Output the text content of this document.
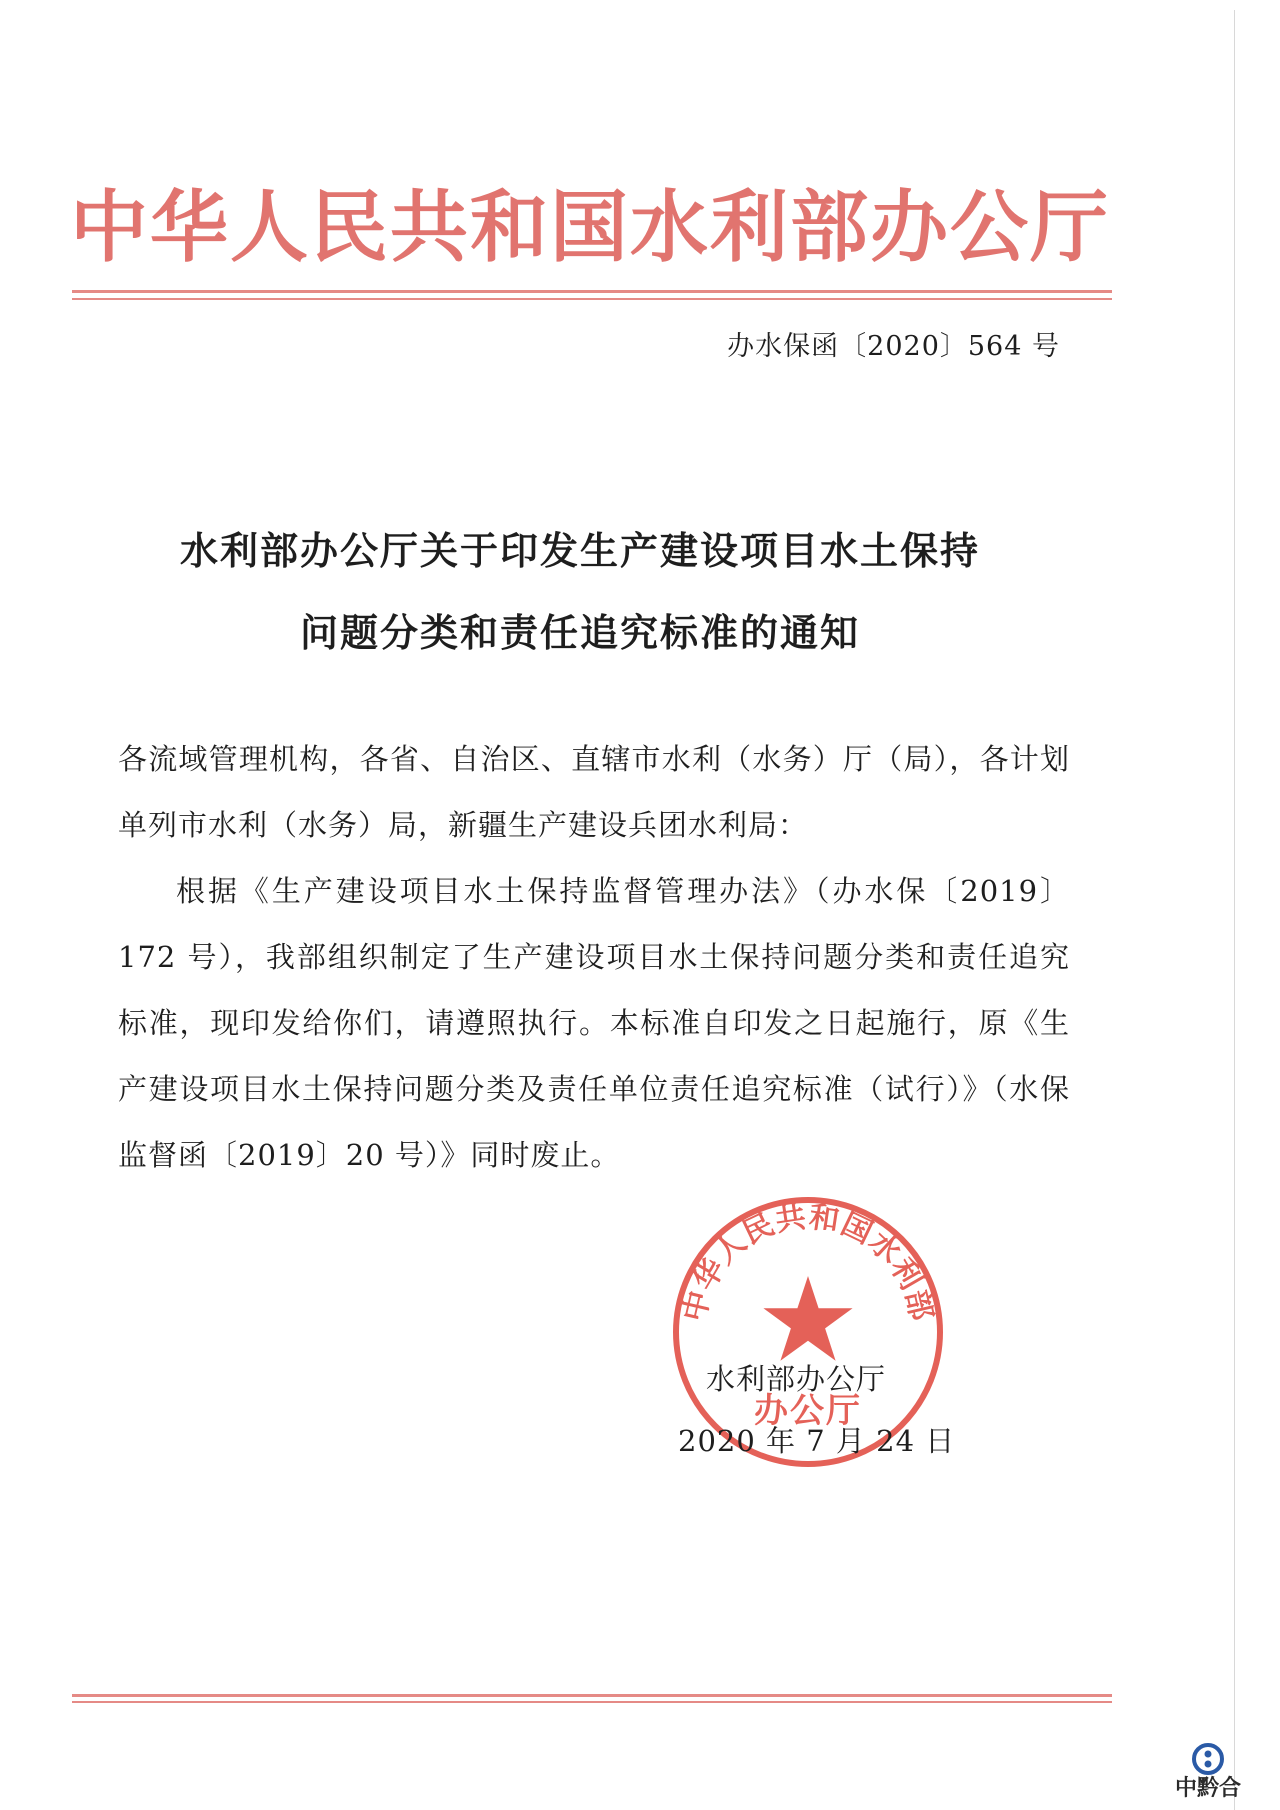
中华人民共和国水利部办公厅
办水保函〔2020〕564 号
水利部办公厅关于印发生产建设项目水土保持
问题分类和责任追究标准的通知

各流域管理机构，各省、自治区、直辖市水利（水务）厅（局），各计划单列市水利（水务）局，新疆生产建设兵团水利局：

根据《生产建设项目水土保持监督管理办法》（办水保〔2019〕172 号），我部组织制定了生产建设项目水土保持问题分类和责任追究标准，现印发给你们，请遵照执行。本标准自印发之日起施行，原《生产建设项目水土保持问题分类及责任单位责任追究标准（试行）》（水保监督函〔2019〕20 号）》同时废止。

中华人民共和国水利部
办公厅
水利部办公厅
2020 年 7 月 24 日
中黔合
